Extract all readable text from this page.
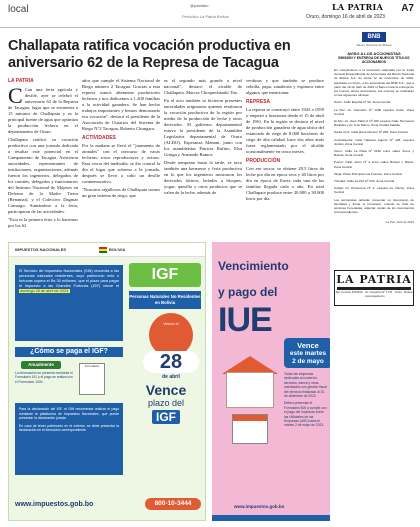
local	@patriabo
Periódico La Patria Bolivia
LA PATRIA
Oruro, domingo 16 de abril de 2023
A7
Challapata ratifica vocación productiva en aniversario 62 de la Represa de Tacagua
LA PATRIA

C Con una feria agrícola y desfile, ayer se celebró el aniversario 62 de la Represa de Tacagua, lugar que se encuentra a 15 minutos de Challapata y es la principal fuente de agua que optimiza la producción lechera en el departamento de Oruro.

Challapata ratificó su vocación productiva con una jornada dedicada a resaltar este potencial en el Campamento de Tacagua. Asistieron autoridades, representantes de instituciones, organizaciones, además fueron los ingenieros, delegados de los comités, delegados y funcionarios del Instituto Nacional de Mujeres en Defensa de la Madre Tierra (Renamat), y el Colectivo Dagmar Camargo. Sumándose a la feria, participaron de las actividades.

"Esta es la primera feria y lo hacemos por los 62

años que cumple el Sistema Nacional de Riego número 2 Tacagua. Gracias a esta represa somos altamente productores lecheros y nos dedicamos a 1.200 familias a la actividad ganadera. Se han hecho trabajos importantes y hemos demostrado esa vocación", destacó el presidente de la Asociación de Usuarios del Sistema de Riego N°2 Tacagua, Roberto Chungara.

ACTIVIDADES

Por la mañana se llevó el "juramento de atonales" con el concurso de vacas lecheras, toros reproductores y ovinos. Para cerrar del mediodía, se dio control la día el lugar que sobreno a la jornada, después se llevó a cabo un desfile conmemorativo.

"Nosotros orgullosos de Challapata somos un gran sistema de riego, que

es el segundo más grande a nivel nacional", destacó el alcalde de Challapata, Marcos Choquechambi Tito.

En el acto también se hicieron presentes autoridades originarias quienes resaltaron la vocación productiva de la región por medio de la producción de leche y otros derivados. El gobierno departamental estuvo la presidente de la Asamblea Legislativa departamental de Oruro (ALDO), Esperanza Maman, junto con los asambleístas Patricia Rufino, Elsa Gringa y Armando Ramos.

Desde temprano hasta la tarde, se tuvo también una kermesse y feria productiva en lo que los ingenieros mostraron los derivados lácteos, helados a bloques, yogur, quesillo y otros productos que se valen de la leche, además de

verduras y que también se produce cebolla, papa, zanahoria y espinaca entre algunos que mencionar.

REPRESA

La represa se construyó entre 1943 a 1959 y empezó a funcionar desde el 15 de abril de 1961. En la región se destaca el nivel de producción ganadera de agua ubica del estancado de riego de 8.000 hectáreas de riego de alta calidad, hace dos años atrás fuera reglamentado por el alcalde ocasionalmente en cinco meses.

PRODUCCIÓN

Con ese sector, se obtiene 28.5 litros de leche por día en época seca y 40 litros por día en época de lluvia cada una de las familias llegada cada a año. En total Challapata produce entre 20.000 a 30.000 litros por día.

BNB
Banco Nacional de Bolivia
AVISO A LOS ACCIONISTAS
EMISIÓN Y ENTREGA DE NUEVOS TÍTULOS ACCIONARIOS

En cumplimiento a la resolución adoptada por la Junta General Extraordinaria de Accionistas del Banco Nacional de Bolivia S.A. de fecha 12 de noviembre de 2022, aprobado en Oruro, a los accionistas del BNB S.A., que a partir del 18 de abril de 2023 el Banco hará la entrega de los nuevos títulos accionarios, las mismas se realizarán en las siguientes oficinas:

Sucre: Calle España Nº 90, Zona Central

La Paz: Av. Camacho Nº 1296 esquina Colón, Zona Central

El Alto: Av. Juan Pablo II Nº 200 esquina Calle Hermanos Ricaldes y Av. 6 de Marzo, Zona Ciudad Satélite

Santa Cruz: Calle René Moreno Nº 268, Zona Central

Cochabamba: Calle Nataniel Aguirre Nº 198, esquina Jordán, Zona Central

Oruro: Calle La Plata Nº 6160 entre calles Sucre y Bolívar, Zona Central

Potosí: Calle Junín Nº 4 entre calles Bolívar y Matos, Zona Central

Tarija: Plaza Principal Luis Fuentes, Zona Central

Trinidad: Calle La Paz Nº 220, Zona Central

Cobija: Av. Prefectura Nº 3, esquina Av. Pacho, Zona Central

Los accionistas deberán presentar su documento de identidad y firmar el formulario, cuando se trate de acciones heredadas, adjuntar copias de los documentos correspondientes.

La Paz, abril de 2023
LA PATRIA
Telf. Central: 5251199 · Av. Camacho Nº 1776 · Oruro - Bolivia · www.lapatria.bo
IMPUESTOS NACIONALES	BOLIVIA
IGF
El Servicio de Impuestos Nacionales (SIN) recuerda a las personas naturales residentes, cuyo patrimonio neto o fortunas supera el Bs 30 millones, que el plazo para pagar el Impuesto a las Grandes Fortunas (IGF) vence el domingo 28 de abril de 2023.
Personas Naturales No Residentes en Bolivia
Vence el
28
de abril
¿Cómo se paga el IGF?
Anualmente
La información se presenta mediante el Formulario 161 y el pago se realiza con el Formulario 1000.
Formulario
Vence
plazo del
IGF

Para la declaración del IGF, el SIN recomienda realizar el pago mediante la plataforma de Impuestos Nacionales, que puede presentar la declaración jurada.

En caso de tener patrimonio en el exterior, se debe presentar la declaración en el formulario correspondiente.

www.impuestos.gob.bo	800-10-3444
Vencimiento
y pago del
IUE
Vence
este martes
2 de mayo

Todas las empresas dedicadas al comercio, servicios, banca y otras actividades con gestión fiscal del ejercicio finalizado al 31 de diciembre de 2022.

Deben presentar el Formulario 500 y cumplir con el pago del Impuesto sobre las Utilidades de las Empresas (IUE) hasta el martes 2 de mayo de 2023.

www.impuestos.gob.bo
